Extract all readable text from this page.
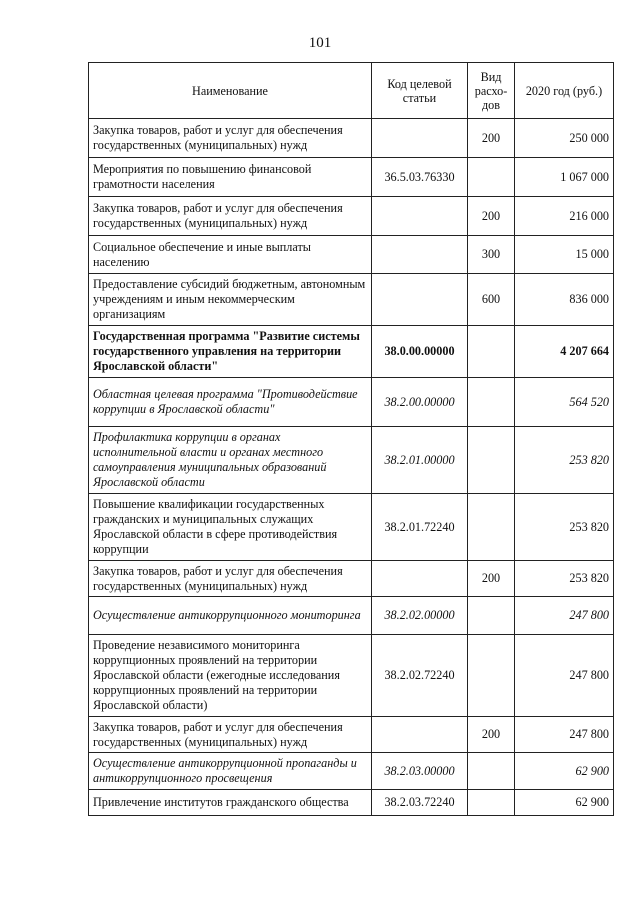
101
Наименование	Код целевой статьи	Вид расхо-дов	2020 год (руб.)
Закупка товаров, работ и услуг для обеспечения государственных (муниципальных) нужд		200	250 000
Мероприятия по повышению финансовой грамотности населения	36.5.03.76330		1 067 000
Закупка товаров, работ и услуг для обеспечения государственных (муниципальных) нужд		200	216 000
Социальное обеспечение и иные выплаты населению		300	15 000
Предоставление субсидий бюджетным, автономным учреждениям и иным некоммерческим организациям		600	836 000
Государственная программа "Развитие системы государственного управления на территории Ярославской области"	38.0.00.00000		4 207 664
Областная целевая программа "Противодействие коррупции в Ярославской области"	38.2.00.00000		564 520
Профилактика коррупции в органах исполнительной власти и органах местного самоуправления муниципальных образований Ярославской области	38.2.01.00000		253 820
Повышение квалификации государственных гражданских и муниципальных служащих Ярославской области в сфере противодействия коррупции	38.2.01.72240		253 820
Закупка товаров, работ и услуг для обеспечения государственных (муниципальных) нужд		200	253 820
Осуществление антикоррупционного мониторинга	38.2.02.00000		247 800
Проведение независимого мониторинга коррупционных проявлений на территории Ярославской области (ежегодные исследования коррупционных проявлений на территории Ярославской области)	38.2.02.72240		247 800
Закупка товаров, работ и услуг для обеспечения государственных (муниципальных) нужд		200	247 800
Осуществление антикоррупционной пропаганды и антикоррупционного просвещения	38.2.03.00000		62 900
Привлечение институтов гражданского общества	38.2.03.72240		62 900
